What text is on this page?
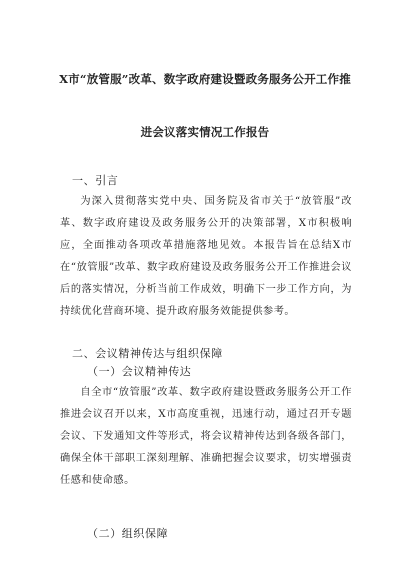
X市“放管服”改革、数字政府建设暨政务服务公开工作推
进会议落实情况工作报告
一、引言

为深入贯彻落实党中央、国务院及省市关于“放管服”改革、数字政府建设及政务服务公开的决策部署，X市积极响应，全面推动各项改革措施落地见效。本报告旨在总结X市在“放管服”改革、数字政府建设及政务服务公开工作推进会议后的落实情况，分析当前工作成效，明确下一步工作方向，为持续优化营商环境、提升政府服务效能提供参考。

二、会议精神传达与组织保障
（一）会议精神传达

自全市“放管服”改革、数字政府建设暨政务服务公开工作推进会议召开以来，X市高度重视，迅速行动，通过召开专题会议、下发通知文件等形式，将会议精神传达到各级各部门，确保全体干部职工深刻理解、准确把握会议要求，切实增强责任感和使命感。

（二）组织保障
